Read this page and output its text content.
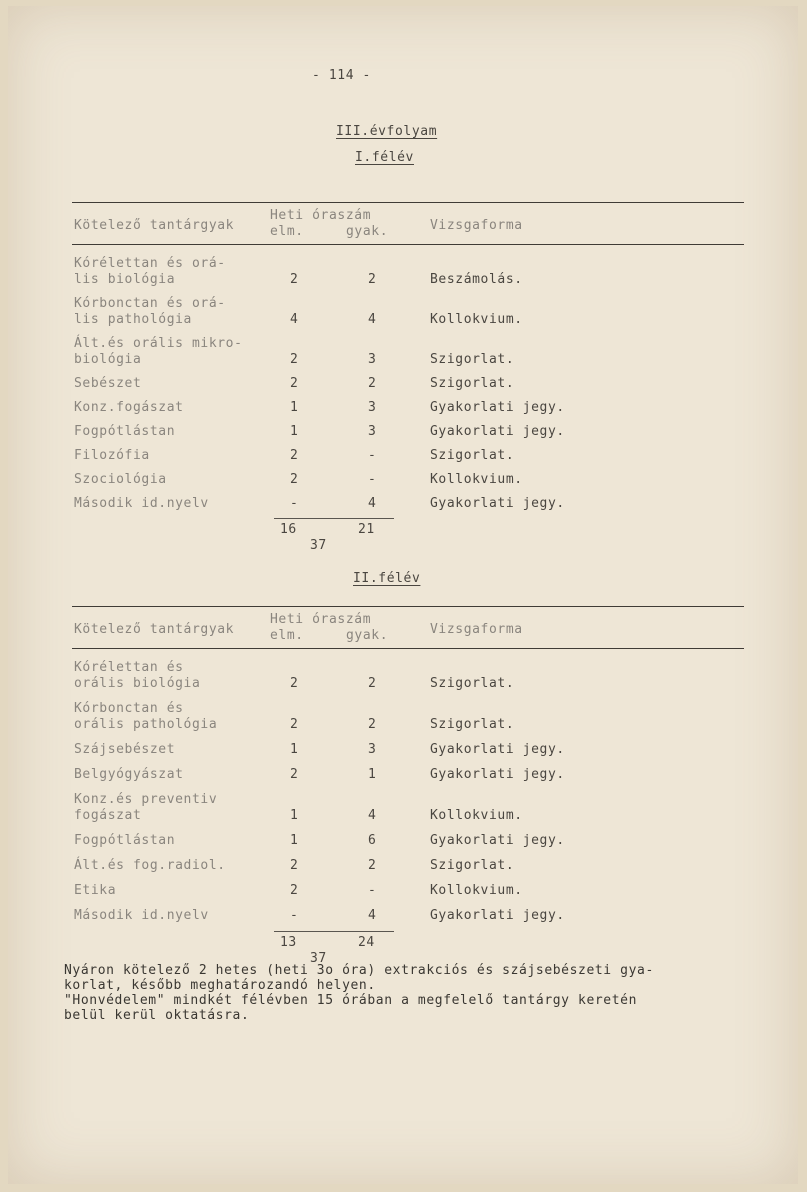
- 114 -
III.évfolyam
I.félév
Kötelező tantárgyak
Heti óraszám
elm.	gyak.	Vizsgaforma
Kórélettan és orá-
lis biológia	2	2	Beszámolás.
Kórbonctan és orá-
lis pathológia	4	4	Kollokvium.
Ált.és orális mikro-
biológia	2	3	Szigorlat.
Sebészet	2	2	Szigorlat.
Konz.fogászat	1	3	Gyakorlati jegy.
Fogpótlástan	1	3	Gyakorlati jegy.
Filozófia	2	-	Szigorlat.
Szociológia	2	-	Kollokvium.
Második id.nyelv	-	4	Gyakorlati jegy.
16	21
37
II.félév
Kötelező tantárgyak
Heti óraszám
elm.	gyak.	Vizsgaforma
Kórélettan és
orális biológia	2	2	Szigorlat.
Kórbonctan és
orális pathológia	2	2	Szigorlat.
Szájsebészet	1	3	Gyakorlati jegy.
Belgyógyászat	2	1	Gyakorlati jegy.
Konz.és preventiv
fogászat	1	4	Kollokvium.
Fogpótlástan	1	6	Gyakorlati jegy.
Ált.és fog.radiol.	2	2	Szigorlat.
Etika	2	-	Kollokvium.
Második id.nyelv	-	4	Gyakorlati jegy.
13	24
37
Nyáron kötelező 2 hetes (heti 3o óra) extrakciós és szájsebészeti gya-
korlat, később meghatározandó helyen.
"Honvédelem" mindkét félévben 15 órában a megfelelő tantárgy keretén
belül kerül oktatásra.
